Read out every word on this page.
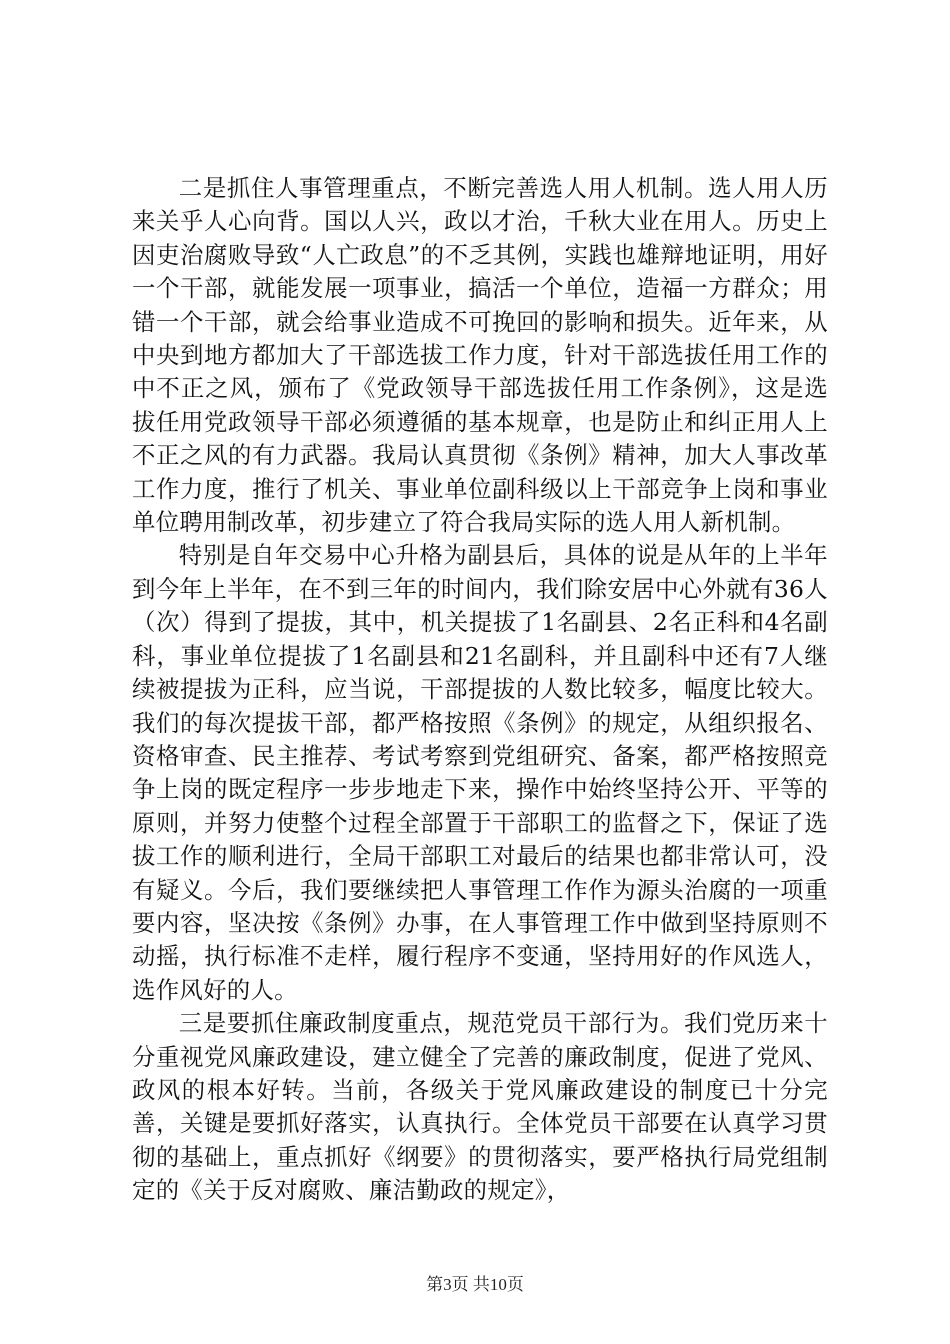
二是抓住人事管理重点，不断完善选人用人机制。选人用人历来关乎人心向背。国以人兴，政以才治，千秋大业在用人。历史上因吏治腐败导致“人亡政息”的不乏其例，实践也雄辩地证明，用好一个干部，就能发展一项事业，搞活一个单位，造福一方群众；用错一个干部，就会给事业造成不可挽回的影响和损失。近年来，从中央到地方都加大了干部选拔工作力度，针对干部选拔任用工作的中不正之风，颁布了《党政领导干部选拔任用工作条例》，这是选拔任用党政领导干部必须遵循的基本规章，也是防止和纠正用人上不正之风的有力武器。我局认真贯彻《条例》精神，加大人事改革工作力度，推行了机关、事业单位副科级以上干部竞争上岗和事业单位聘用制改革，初步建立了符合我局实际的选人用人新机制。

特别是自年交易中心升格为副县后，具体的说是从年的上半年到今年上半年，在不到三年的时间内，我们除安居中心外就有36人（次）得到了提拔，其中，机关提拔了1名副县、2名正科和4名副科，事业单位提拔了1名副县和21名副科，并且副科中还有7人继续被提拔为正科，应当说，干部提拔的人数比较多，幅度比较大。我们的每次提拔干部，都严格按照《条例》的规定，从组织报名、资格审查、民主推荐、考试考察到党组研究、备案，都严格按照竞争上岗的既定程序一步步地走下来，操作中始终坚持公开、平等的原则，并努力使整个过程全部置于干部职工的监督之下，保证了选拔工作的顺利进行，全局干部职工对最后的结果也都非常认可，没有疑义。今后，我们要继续把人事管理工作作为源头治腐的一项重要内容，坚决按《条例》办事，在人事管理工作中做到坚持原则不动摇，执行标准不走样，履行程序不变通，坚持用好的作风选人，选作风好的人。

三是要抓住廉政制度重点，规范党员干部行为。我们党历来十分重视党风廉政建设，建立健全了完善的廉政制度，促进了党风、政风的根本好转。当前，各级关于党风廉政建设的制度已十分完善，关键是要抓好落实，认真执行。全体党员干部要在认真学习贯彻的基础上，重点抓好《纲要》的贯彻落实，要严格执行局党组制定的《关于反对腐败、廉洁勤政的规定》，

第3页 共10页
